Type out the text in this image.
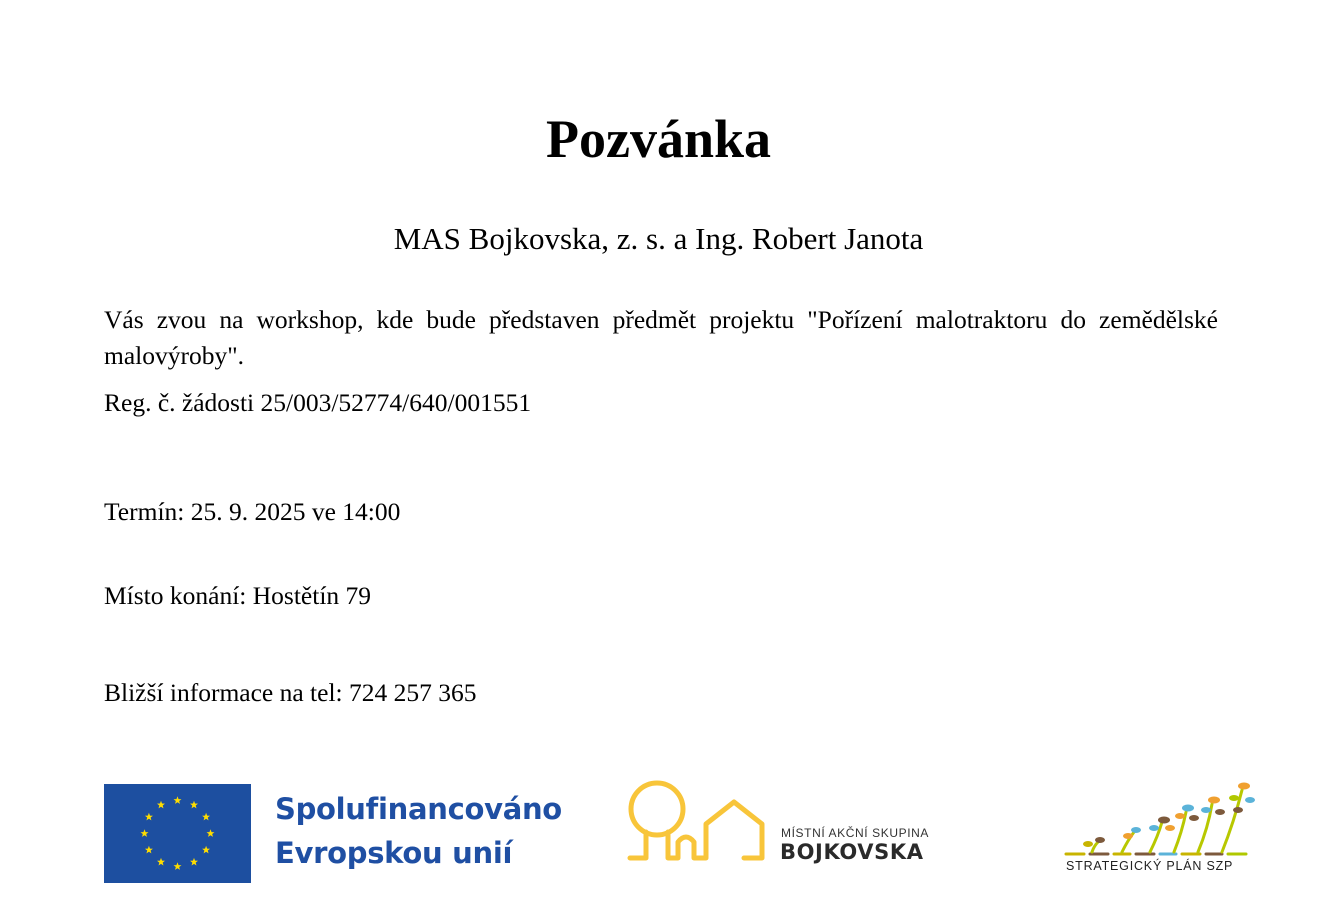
Pozvánka
MAS Bojkovska, z. s. a Ing. Robert Janota
Vás zvou na workshop, kde bude představen předmět projektu "Pořízení malotraktoru do zemědělské malovýroby".
Reg. č. žádosti 25/003/52774/640/001551
Termín: 25. 9. 2025 ve 14:00
Místo konání: Hostětín 79
Bližší informace na tel: 724 257 365
Spolufinancováno
Evropskou unií
MÍSTNÍ AKČNÍ SKUPINA
BOJKOVSKA
STRATEGICKÝ PLÁN SZP
